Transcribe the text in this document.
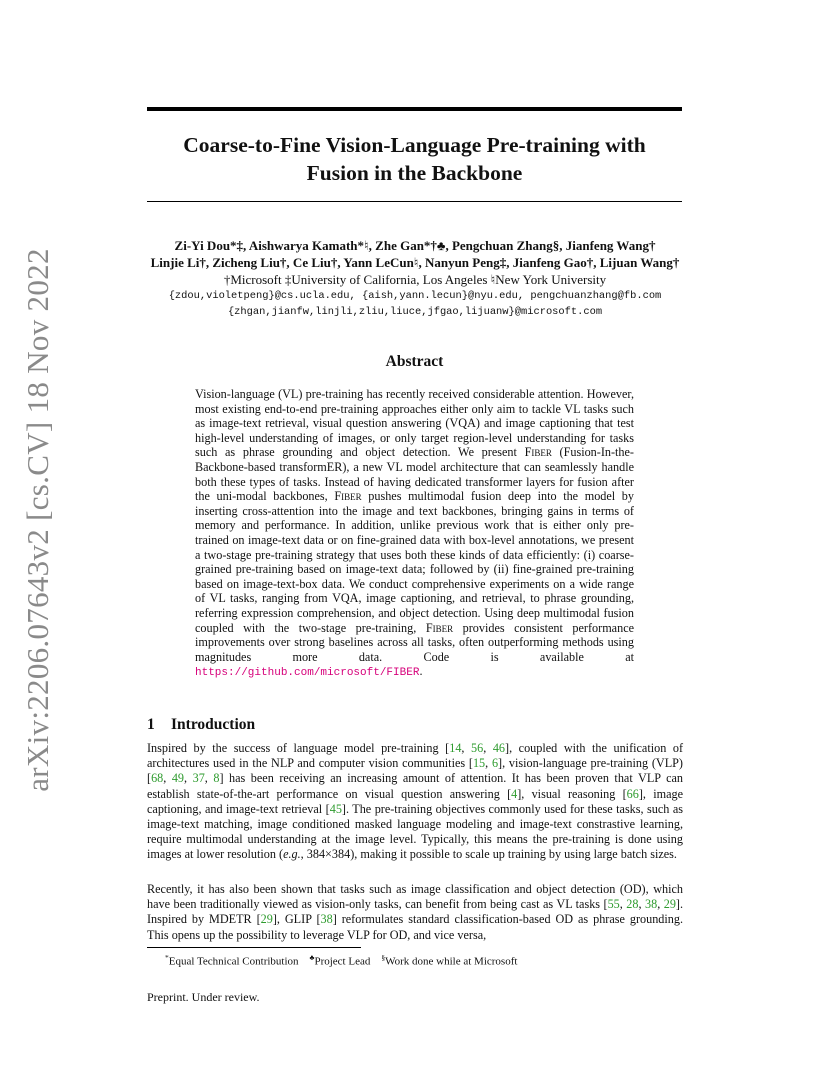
arXiv:2206.07643v2 [cs.CV] 18 Nov 2022
Coarse-to-Fine Vision-Language Pre-training with
Fusion in the Backbone
Zi-Yi Dou*‡, Aishwarya Kamath*♮, Zhe Gan*†♣, Pengchuan Zhang§, Jianfeng Wang†
Linjie Li†, Zicheng Liu†, Ce Liu†, Yann LeCun♮, Nanyun Peng‡, Jianfeng Gao†, Lijuan Wang†
†Microsoft ‡University of California, Los Angeles ♮New York University
{zdou,violetpeng}@cs.ucla.edu, {aish,yann.lecun}@nyu.edu, pengchuanzhang@fb.com
{zhgan,jianfw,linjli,zliu,liuce,jfgao,lijuanw}@microsoft.com
Abstract
Vision-language (VL) pre-training has recently received considerable attention. However, most existing end-to-end pre-training approaches either only aim to tackle VL tasks such as image-text retrieval, visual question answering (VQA) and image captioning that test high-level understanding of images, or only target region-level understanding for tasks such as phrase grounding and object detection. We present Fiber (Fusion-In-the-Backbone-based transformER), a new VL model architecture that can seamlessly handle both these types of tasks. Instead of having dedicated transformer layers for fusion after the uni-modal backbones, Fiber pushes multimodal fusion deep into the model by inserting cross-attention into the image and text backbones, bringing gains in terms of memory and performance. In addition, unlike previous work that is either only pre-trained on image-text data or on fine-grained data with box-level annotations, we present a two-stage pre-training strategy that uses both these kinds of data efficiently: (i) coarse-grained pre-training based on image-text data; followed by (ii) fine-grained pre-training based on image-text-box data. We conduct comprehensive experiments on a wide range of VL tasks, ranging from VQA, image captioning, and retrieval, to phrase grounding, referring expression comprehension, and object detection. Using deep multimodal fusion coupled with the two-stage pre-training, Fiber provides consistent performance improvements over strong baselines across all tasks, often outperforming methods using magnitudes more data. Code is available at https://github.com/microsoft/FIBER.
1 Introduction
Inspired by the success of language model pre-training [14, 56, 46], coupled with the unification of architectures used in the NLP and computer vision communities [15, 6], vision-language pre-training (VLP) [68, 49, 37, 8] has been receiving an increasing amount of attention. It has been proven that VLP can establish state-of-the-art performance on visual question answering [4], visual reasoning [66], image captioning, and image-text retrieval [45]. The pre-training objectives commonly used for these tasks, such as image-text matching, image conditioned masked language modeling and image-text constrastive learning, require multimodal understanding at the image level. Typically, this means the pre-training is done using images at lower resolution (e.g., 384×384), making it possible to scale up training by using large batch sizes.
Recently, it has also been shown that tasks such as image classification and object detection (OD), which have been traditionally viewed as vision-only tasks, can benefit from being cast as VL tasks [55, 28, 38, 29]. Inspired by MDETR [29], GLIP [38] reformulates standard classification-based OD as phrase grounding. This opens up the possibility to leverage VLP for OD, and vice versa,
*Equal Technical Contribution ♣Project Lead §Work done while at Microsoft
Preprint. Under review.
